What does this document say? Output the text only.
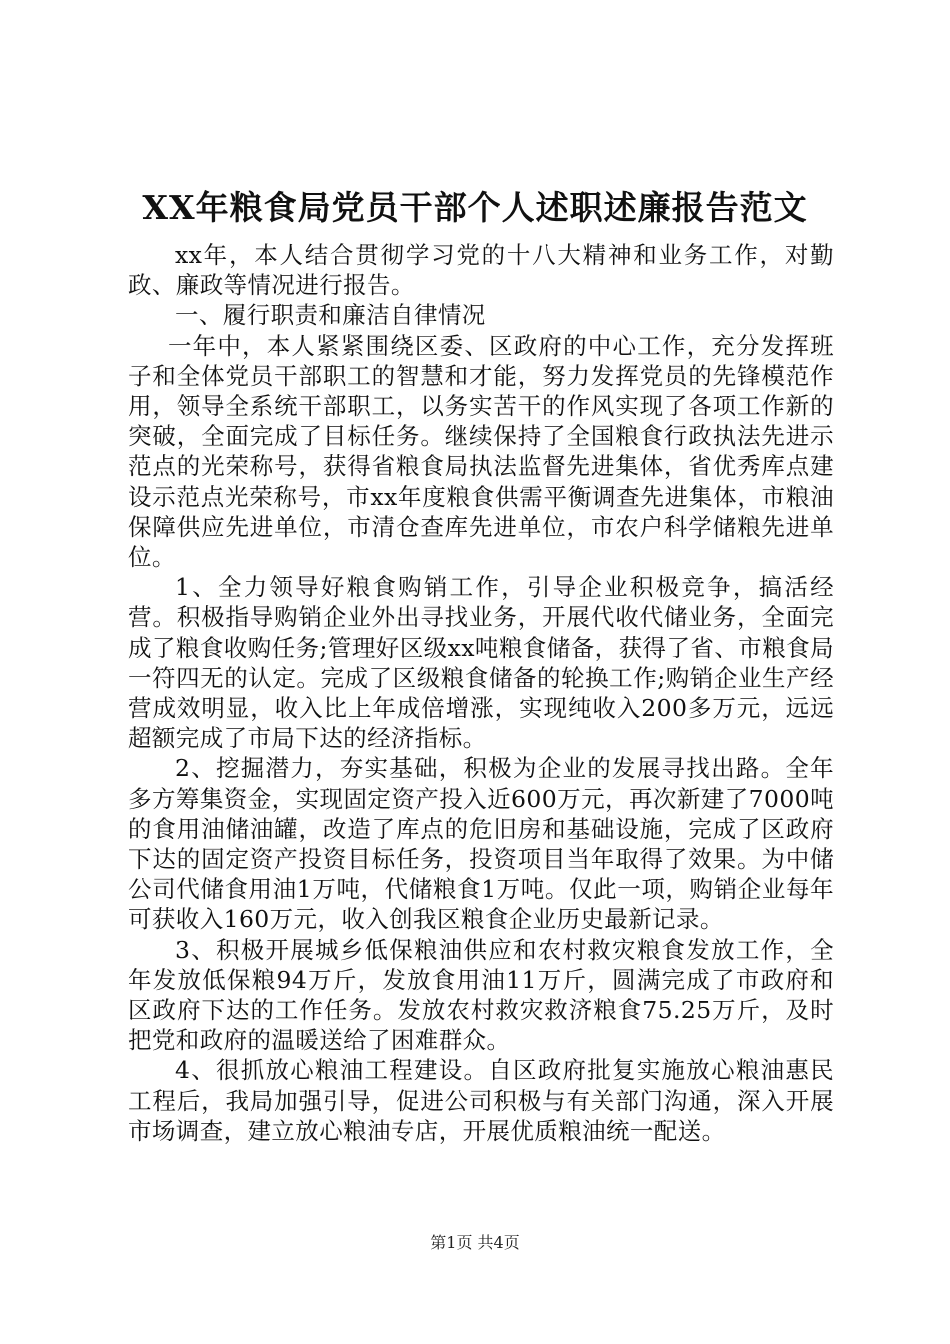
XX年粮食局党员干部个人述职述廉报告范文

xx年，本人结合贯彻学习党的十八大精神和业务工作，对勤政、廉政等情况进行报告。

一、履行职责和廉洁自律情况

一年中，本人紧紧围绕区委、区政府的中心工作，充分发挥班子和全体党员干部职工的智慧和才能，努力发挥党员的先锋模范作用，领导全系统干部职工，以务实苦干的作风实现了各项工作新的突破，全面完成了目标任务。继续保持了全国粮食行政执法先进示范点的光荣称号，获得省粮食局执法监督先进集体，省优秀库点建设示范点光荣称号，市xx年度粮食供需平衡调查先进集体，市粮油保障供应先进单位，市清仓查库先进单位，市农户科学储粮先进单位。

1、全力领导好粮食购销工作，引导企业积极竞争，搞活经营。积极指导购销企业外出寻找业务，开展代收代储业务，全面完成了粮食收购任务;管理好区级xx吨粮食储备，获得了省、市粮食局一符四无的认定。完成了区级粮食储备的轮换工作;购销企业生产经营成效明显，收入比上年成倍增涨，实现纯收入200多万元，远远超额完成了市局下达的经济指标。

2、挖掘潜力，夯实基础，积极为企业的发展寻找出路。全年多方筹集资金，实现固定资产投入近600万元，再次新建了7000吨的食用油储油罐，改造了库点的危旧房和基础设施，完成了区政府下达的固定资产投资目标任务，投资项目当年取得了效果。为中储公司代储食用油1万吨，代储粮食1万吨。仅此一项，购销企业每年可获收入160万元，收入创我区粮食企业历史最新记录。

3、积极开展城乡低保粮油供应和农村救灾粮食发放工作，全年发放低保粮94万斤，发放食用油11万斤，圆满完成了市政府和区政府下达的工作任务。发放农村救灾救济粮食75.25万斤，及时把党和政府的温暖送给了困难群众。

4、很抓放心粮油工程建设。自区政府批复实施放心粮油惠民工程后，我局加强引导，促进公司积极与有关部门沟通，深入开展市场调查，建立放心粮油专店，开展优质粮油统一配送。

第1页 共4页
